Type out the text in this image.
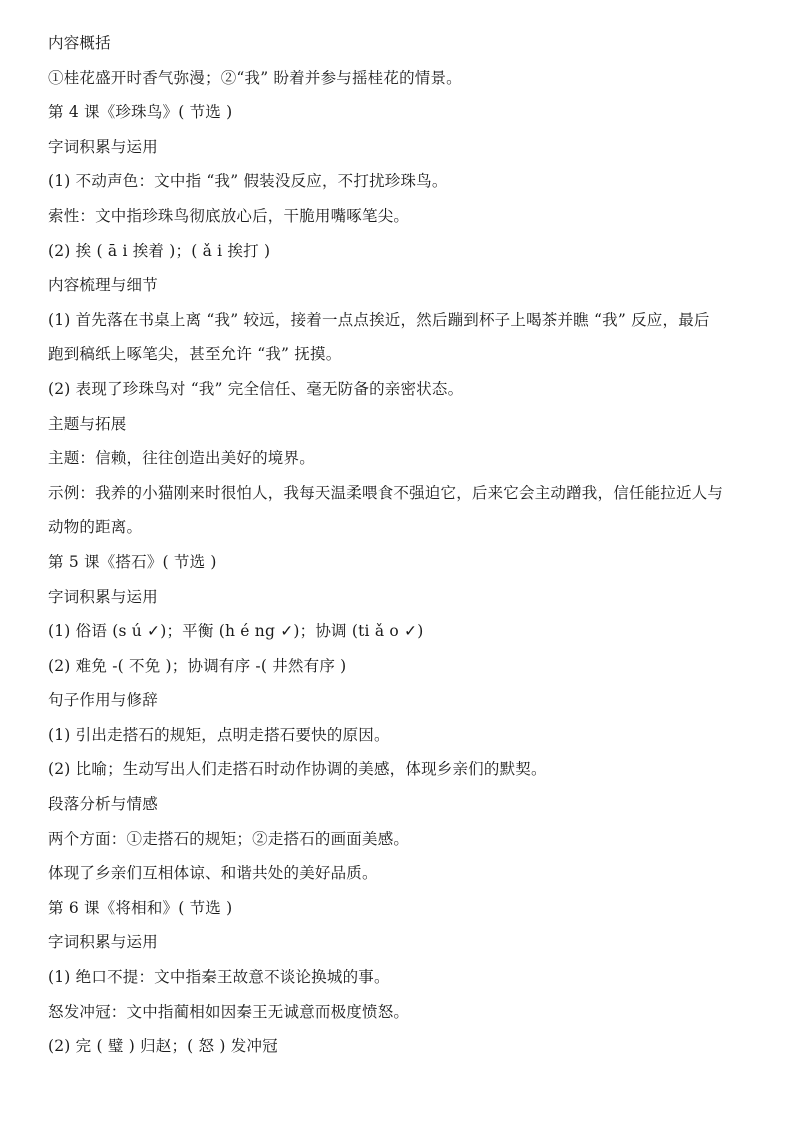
内容概括
①桂花盛开时香气弥漫；②“我” 盼着并参与摇桂花的情景。
第 4 课《珍珠鸟》( 节选 )
字词积累与运用
(1) 不动声色：文中指 “我” 假装没反应，不打扰珍珠鸟。
索性：文中指珍珠鸟彻底放心后，干脆用嘴啄笔尖。
(2) 挨 ( ā i 挨着 )；( ǎ i 挨打 )
内容梳理与细节
(1) 首先落在书桌上离 “我” 较远，接着一点点挨近，然后蹦到杯子上喝茶并瞧 “我” 反应，最后
跑到稿纸上啄笔尖，甚至允许 “我” 抚摸。
(2) 表现了珍珠鸟对 “我” 完全信任、毫无防备的亲密状态。
主题与拓展
主题：信赖，往往创造出美好的境界。
示例：我养的小猫刚来时很怕人，我每天温柔喂食不强迫它，后来它会主动蹭我，信任能拉近人与
动物的距离。
第 5 课《搭石》( 节选 )
字词积累与运用
(1) 俗语 (s ú ✓)；平衡 (h é ng ✓)；协调 (ti ǎ o ✓)
(2) 难免 -( 不免 )；协调有序 -( 井然有序 )
句子作用与修辞
(1) 引出走搭石的规矩，点明走搭石要快的原因。
(2) 比喻；生动写出人们走搭石时动作协调的美感，体现乡亲们的默契。
段落分析与情感
两个方面：①走搭石的规矩；②走搭石的画面美感。
体现了乡亲们互相体谅、和谐共处的美好品质。
第 6 课《将相和》( 节选 )
字词积累与运用
(1) 绝口不提：文中指秦王故意不谈论换城的事。
怒发冲冠：文中指蔺相如因秦王无诚意而极度愤怒。
(2) 完 ( 璧 ) 归赵；( 怒 ) 发冲冠
